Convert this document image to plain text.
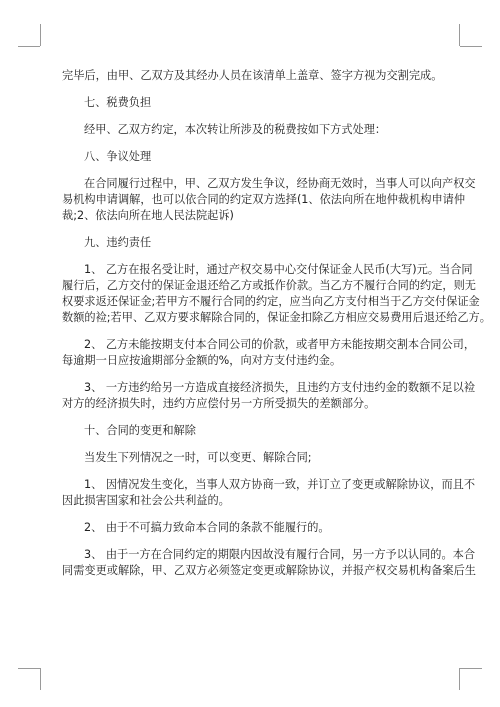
完毕后，由甲、乙双方及其经办人员在该清单上盖章、签字方视为交割完成。

七、税费负担

经甲、乙双方约定，本次转让所涉及的税费按如下方式处理：

八、争议处理

在合同履行过程中，甲、乙双方发生争议，经协商无效时，当事人可以向产权交

易机构申请调解，也可以依合同的约定双方选择(1、依法向所在地仲裁机构申请仲

裁;2、依法向所在地人民法院起诉)

九、违约责任

1、 乙方在报名受让时，通过产权交易中心交付保证金人民币(大写)元。当合同

履行后，乙方交付的保证金退还给乙方或抵作价款。当乙方不履行合同的约定，则无

权要求返还保证金;若甲方不履行合同的约定，应当向乙方支付相当于乙方交付保证金

数额的裣;若甲、乙双方要求解除合同的，保证金扣除乙方相应交易费用后退还给乙方。

2、 乙方未能按期支付本合同公司的价款，或者甲方未能按期交割本合同公司，

每逾期一日应按逾期部分金额的%，向对方支付违约金。

3、 一方违约给另一方造成直接经济损失，且违约方支付违约金的数额不足以裣

对方的经济损失时，违约方应偿付另一方所受损失的差额部分。

十、合同的变更和解除

当发生下列情况之一时，可以变更、解除合同;

1、 因情况发生变化，当事人双方协商一致，并订立了变更或解除协议，而且不

因此损害国家和社会公共利益的。

2、 由于不可搞力致命本合同的条款不能履行的。

3、 由于一方在合同约定的期限内因故没有履行合同，另一方予以认同的。本合

同需变更或解除，甲、乙双方必须签定变更或解除协议，并报产权交易机构备案后生
